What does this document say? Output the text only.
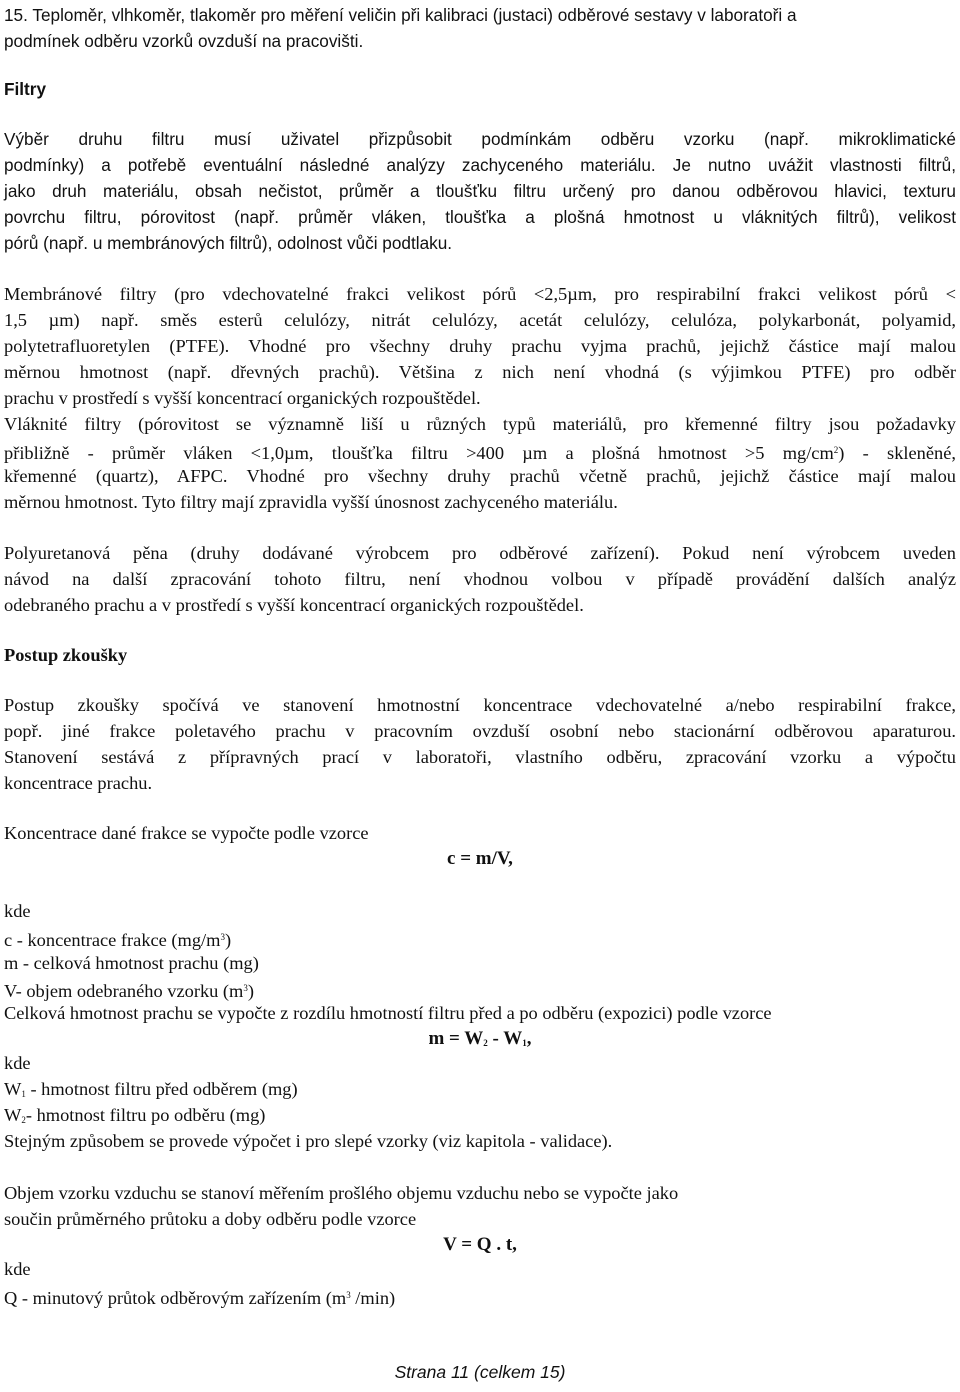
15. Teploměr, vlhkoměr, tlakoměr pro měření veličin při kalibraci (justaci) odběrové sestavy v laboratoři a
podmínek odběru vzorků ovzduší na pracovišti.
Filtry
Výběr druhu filtru musí uživatel přizpůsobit podmínkám odběru vzorku (např. mikroklimatické
podmínky) a potřebě eventuální následné analýzy zachyceného materiálu. Je nutno uvážit vlastnosti filtrů,
jako druh materiálu, obsah nečistot, průměr a tloušťku filtru určený pro danou odběrovou hlavici, texturu
povrchu filtru, pórovitost (např. průměr vláken, tloušťka a plošná hmotnost u vláknitých filtrů), velikost
pórů (např. u membránových filtrů), odolnost vůči podtlaku.
Membránové filtry (pro vdechovatelné frakci velikost pórů <2,5µm, pro respirabilní frakci velikost pórů <
1,5 µm) např. směs esterů celulózy, nitrát celulózy, acetát celulózy, celulóza, polykarbonát, polyamid,
polytetrafluoretylen (PTFE). Vhodné pro všechny druhy prachu vyjma prachů, jejichž částice mají malou
měrnou hmotnost (např. dřevných prachů). Většina z nich není vhodná (s výjimkou PTFE) pro odběr
prachu v prostředí s vyšší koncentrací organických rozpouštědel.
Vláknité filtry (pórovitost se významně liší u různých typů materiálů, pro křemenné filtry jsou požadavky
přibližně - průměr vláken <1,0µm, tloušťka filtru >400 µm a plošná hmotnost >5 $mg/cm^2$) - skleněné,
křemenné (quartz), AFPC. Vhodné pro všechny druhy prachů včetně prachů, jejichž částice mají malou
měrnou hmotnost. Tyto filtry mají zpravidla vyšší únosnost zachyceného materiálu.
Polyuretanová pěna (druhy dodávané výrobcem pro odběrové zařízení). Pokud není výrobcem uveden
návod na další zpracování tohoto filtru, není vhodnou volbou v případě provádění dalších analýz
odebraného prachu a v prostředí s vyšší koncentrací organických rozpouštědel.
Postup zkoušky
Postup zkoušky spočívá ve stanovení hmotnostní koncentrace vdechovatelné a/nebo respirabilní frakce,
popř. jiné frakce poletavého prachu v pracovním ovzduší osobní nebo stacionární odběrovou aparaturou.
Stanovení sestává z přípravných prací v laboratoři, vlastního odběru, zpracování vzorku a výpočtu
koncentrace prachu.
Koncentrace dané frakce se vypočte podle vzorce
c = m/V,
kde
c - koncentrace frakce $(mg/m^3)$
m - celková hmotnost prachu (mg)
V- objem odebraného vzorku $(m^3)$
Celková hmotnost prachu se vypočte z rozdílu hmotností filtru před a po odběru (expozici) podle vzorce
$m = W_2 - W_1$,
kde
$W_1$ - hmotnost filtru před odběrem (mg)
$W_2-$ hmotnost filtru po odběru (mg)
Stejným způsobem se provede výpočet i pro slepé vzorky (viz kapitola - validace).
Objem vzorku vzduchu se stanoví měřením prošlého objemu vzduchu nebo se vypočte jako
součin průměrného průtoku a doby odběru podle vzorce
V = Q . t,
kde
Q - minutový průtok odběrovým zařízením ($m^3$ /min)
Strana 11 (celkem 15)
